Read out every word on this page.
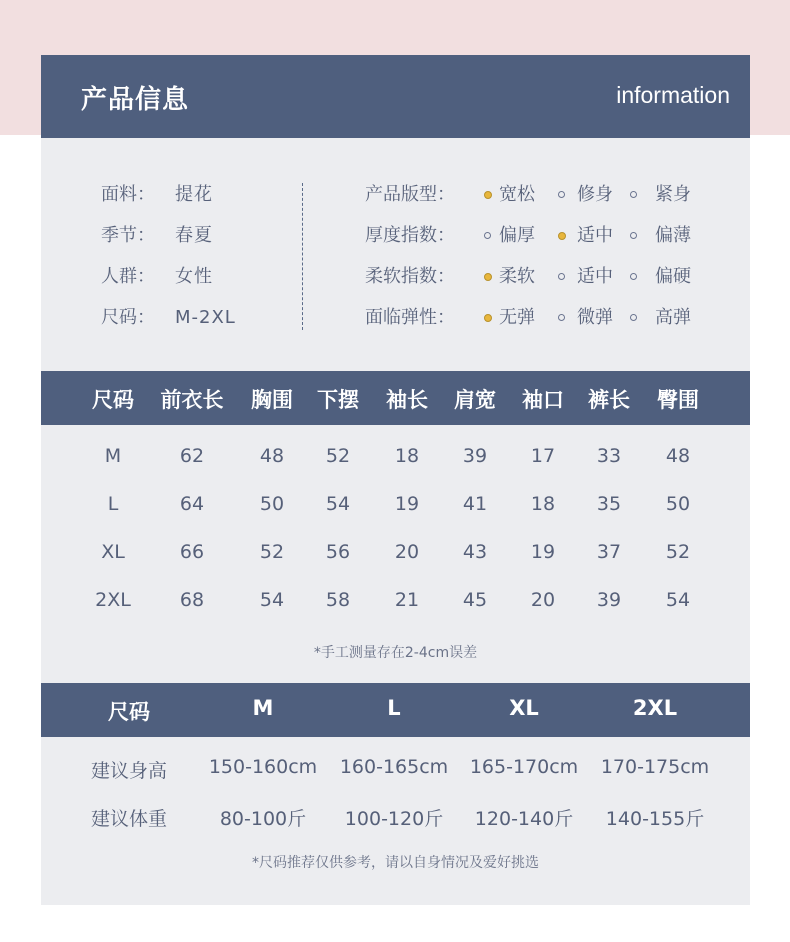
产品信息	information
面料： 提花
季节： 春夏
人群： 女性
尺码： M-2XL
产品版型： 宽松 修身 紧身
厚度指数： 偏厚 适中 偏薄
柔软指数： 柔软 适中 偏硬
面临弹性： 无弹 微弹 高弹
尺码 前衣长 胸围 下摆 袖长 肩宽 袖口 裤长 臀围
M	62	48 52 18 39 17 33 48
L	64	50 54 19 41 18 35 50
XL	66	52 56 20 43 19 37 52
2XL	68	54 58 21 45 20 39 54
*手工测量存在2-4cm误差
尺码	M	L	XL	2XL
建议身高 150-160cm 160-165cm 165-170cm 170-175cm
建议体重	80-100斤 100-120斤 120-140斤 140-155斤
*尺码推荐仅供参考，请以自身情况及爱好挑选
